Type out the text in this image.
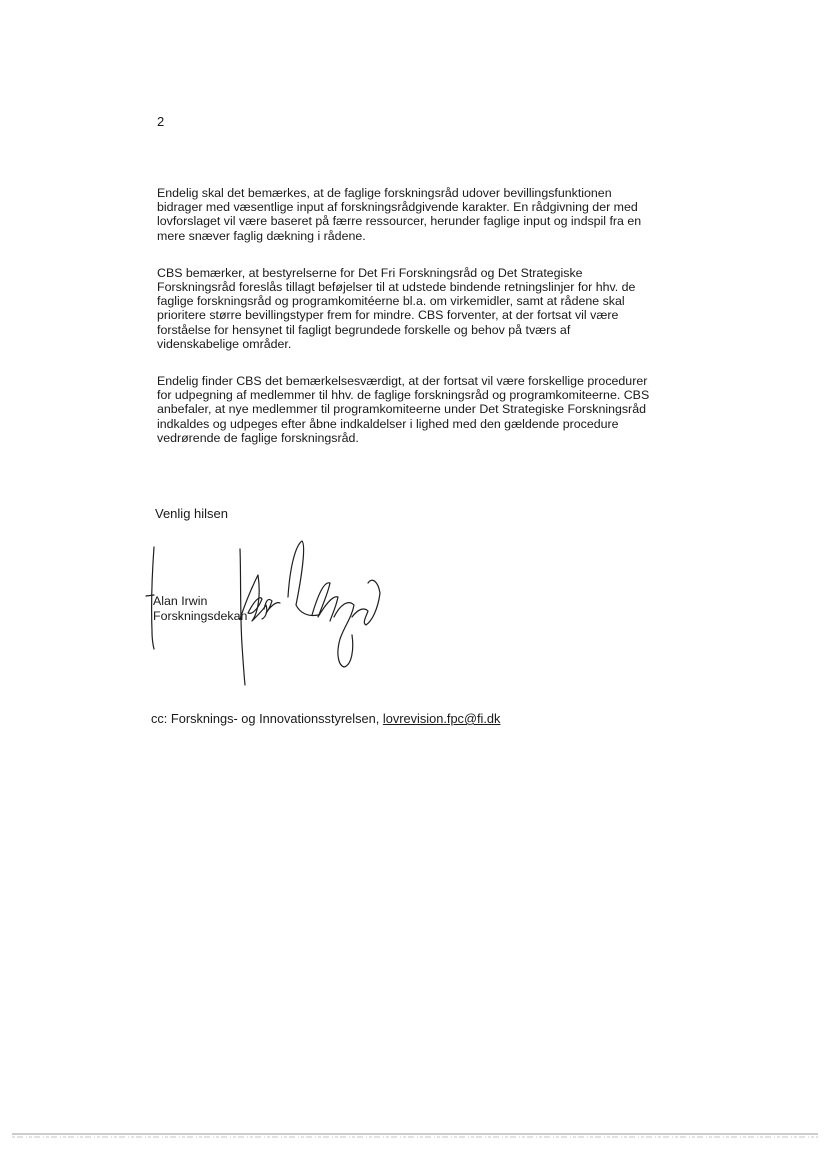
2

Endelig skal det bemærkes, at de faglige forskningsråd udover bevillingsfunktionen bidrager med væsentlige input af forskningsrådgivende karakter. En rådgivning der med lovforslaget vil være baseret på færre ressourcer, herunder faglige input og indspil fra en mere snæver faglig dækning i rådene.

CBS bemærker, at bestyrelserne for Det Fri Forskningsråd og Det Strategiske Forskningsråd foreslås tillagt beføjelser til at udstede bindende retningslinjer for hhv. de faglige forskningsråd og programkomitéerne bl.a. om virkemidler, samt at rådene skal prioritere større bevillingstyper frem for mindre. CBS forventer, at der fortsat vil være forståelse for hensynet til fagligt begrundede forskelle og behov på tværs af videnskabelige områder.

Endelig finder CBS det bemærkelsesværdigt, at der fortsat vil være forskellige procedurer for udpegning af medlemmer til hhv. de faglige forskningsråd og programkomiteerne. CBS anbefaler, at nye medlemmer til programkomiteerne under Det Strategiske Forskningsråd indkaldes og udpeges efter åbne indkaldelser i lighed med den gældende procedure vedrørende de faglige forskningsråd.

Venlig hilsen
Alan Irwin
Forskningsdekan
cc: Forsknings- og Innovationsstyrelsen, lovrevision.fpc@fi.dk
